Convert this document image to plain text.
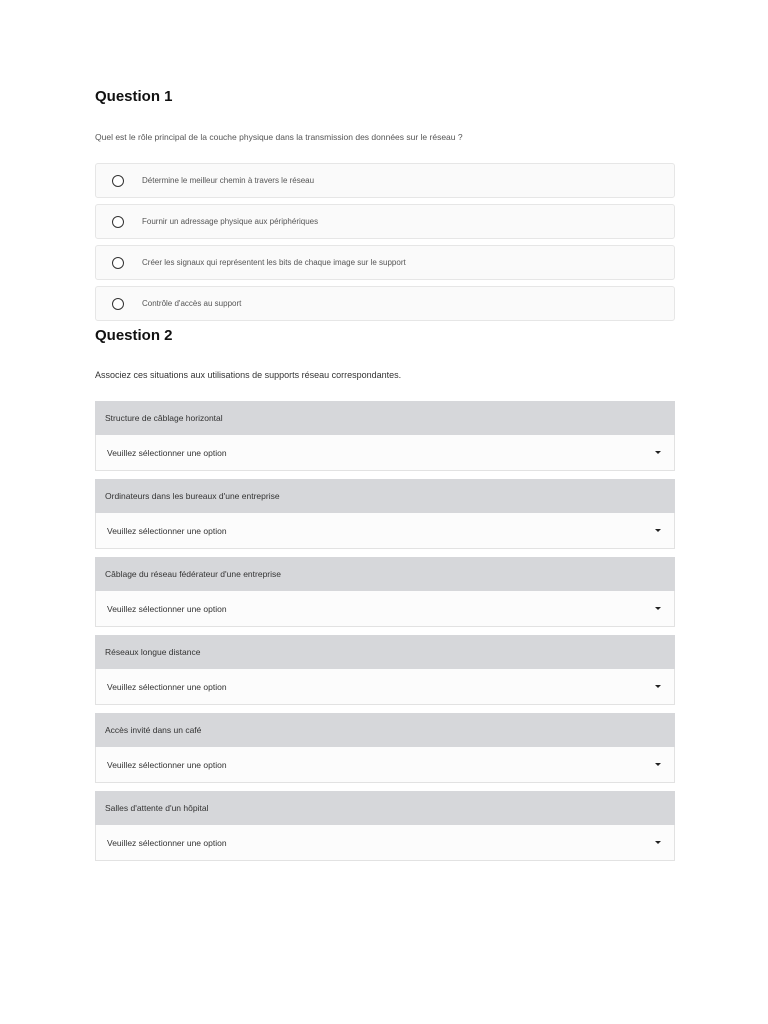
Question 1
Quel est le rôle principal de la couche physique dans la transmission des données sur le réseau ?
Détermine le meilleur chemin à travers le réseau
Fournir un adressage physique aux périphériques
Créer les signaux qui représentent les bits de chaque image sur le support
Contrôle d'accès au support
Question 2
Associez ces situations aux utilisations de supports réseau correspondantes.
Structure de câblage horizontal
Veuillez sélectionner une option
Ordinateurs dans les bureaux d'une entreprise
Veuillez sélectionner une option
Câblage du réseau fédérateur d'une entreprise
Veuillez sélectionner une option
Réseaux longue distance
Veuillez sélectionner une option
Accès invité dans un café
Veuillez sélectionner une option
Salles d'attente d'un hôpital
Veuillez sélectionner une option
